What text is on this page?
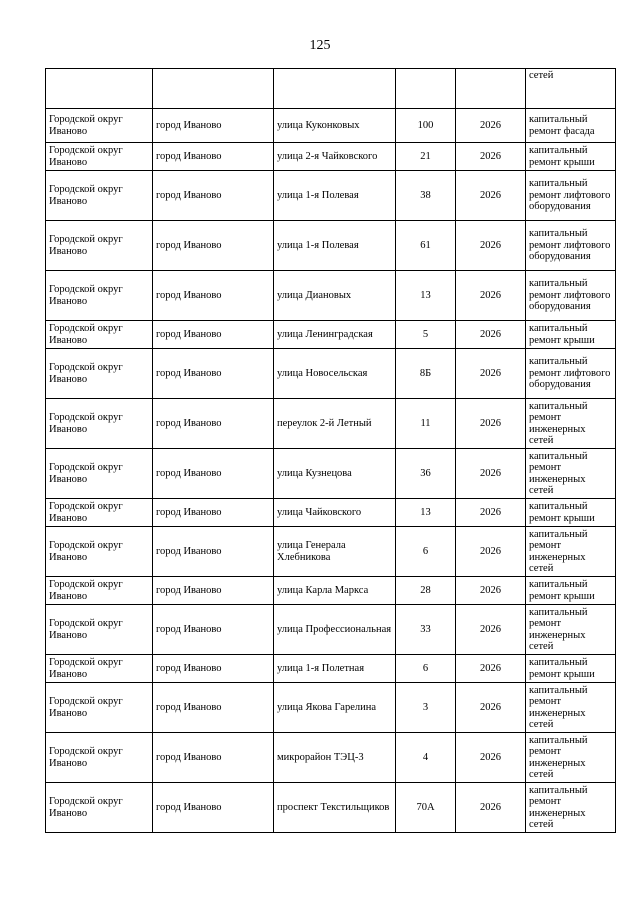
125
					сетей
Городской округ Иваново	город Иваново	улица Куконковых	100	2026	капитальный ремонт фасада
Городской округ Иваново	город Иваново	улица 2-я Чайковского	21	2026	капитальный ремонт крыши
Городской округ Иваново	город Иваново	улица 1-я Полевая	38	2026	капитальный ремонт лифтового оборудования
Городской округ Иваново	город Иваново	улица 1-я Полевая	61	2026	капитальный ремонт лифтового оборудования
Городской округ Иваново	город Иваново	улица Диановых	13	2026	капитальный ремонт лифтового оборудования
Городской округ Иваново	город Иваново	улица Ленинградская	5	2026	капитальный ремонт крыши
Городской округ Иваново	город Иваново	улица Новосельская	8Б	2026	капитальный ремонт лифтового оборудования
Городской округ Иваново	город Иваново	переулок 2-й Летный	11	2026	капитальный ремонт инженерных сетей
Городской округ Иваново	город Иваново	улица Кузнецова	36	2026	капитальный ремонт инженерных сетей
Городской округ Иваново	город Иваново	улица Чайковского	13	2026	капитальный ремонт крыши
Городской округ Иваново	город Иваново	улица Генерала Хлебникова	6	2026	капитальный ремонт инженерных сетей
Городской округ Иваново	город Иваново	улица Карла Маркса	28	2026	капитальный ремонт крыши
Городской округ Иваново	город Иваново	улица Профессиональная	33	2026	капитальный ремонт инженерных сетей
Городской округ Иваново	город Иваново	улица 1-я Полетная	6	2026	капитальный ремонт крыши
Городской округ Иваново	город Иваново	улица Якова Гарелина	3	2026	капитальный ремонт инженерных сетей
Городской округ Иваново	город Иваново	микрорайон ТЭЦ-3	4	2026	капитальный ремонт инженерных сетей
Городской округ Иваново	город Иваново	проспект Текстильщиков	70А	2026	капитальный ремонт инженерных сетей
